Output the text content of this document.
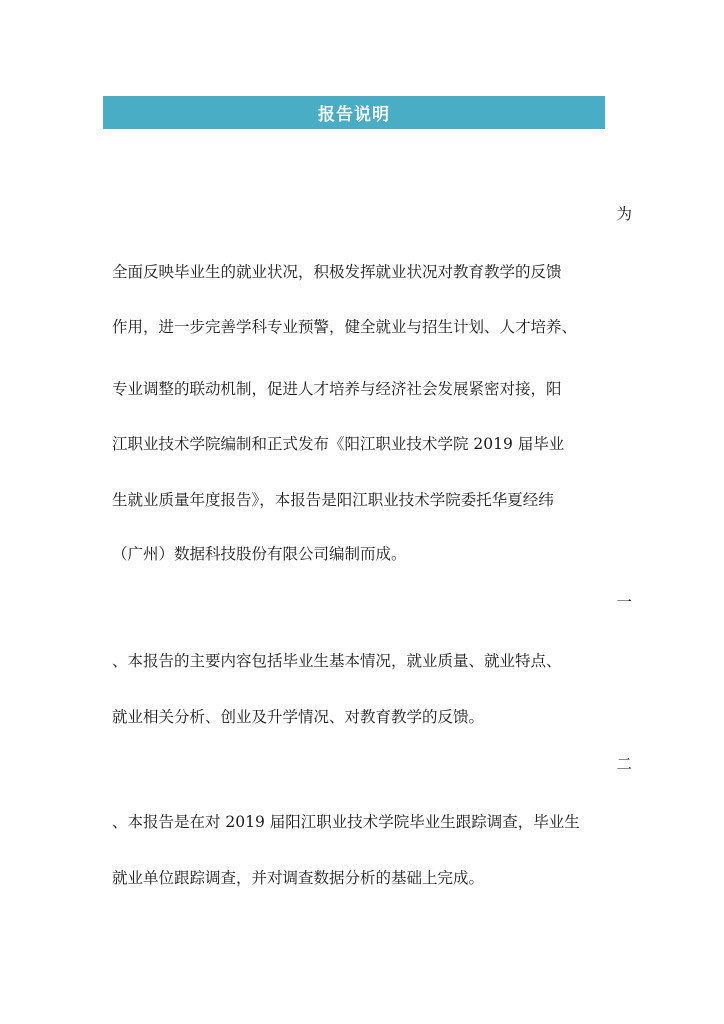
报告说明
为
全面反映毕业生的就业状况，积极发挥就业状况对教育教学的反馈
作用，进一步完善学科专业预警，健全就业与招生计划、人才培养、
专业调整的联动机制，促进人才培养与经济社会发展紧密对接，阳
江职业技术学院编制和正式发布《阳江职业技术学院 2019 届毕业
生就业质量年度报告》，本报告是阳江职业技术学院委托华夏经纬
（广州）数据科技股份有限公司编制而成。
一
、本报告的主要内容包括毕业生基本情况，就业质量、就业特点、
就业相关分析、创业及升学情况、对教育教学的反馈。
二
、本报告是在对 2019 届阳江职业技术学院毕业生跟踪调查，毕业生
就业单位跟踪调查，并对调查数据分析的基础上完成。
